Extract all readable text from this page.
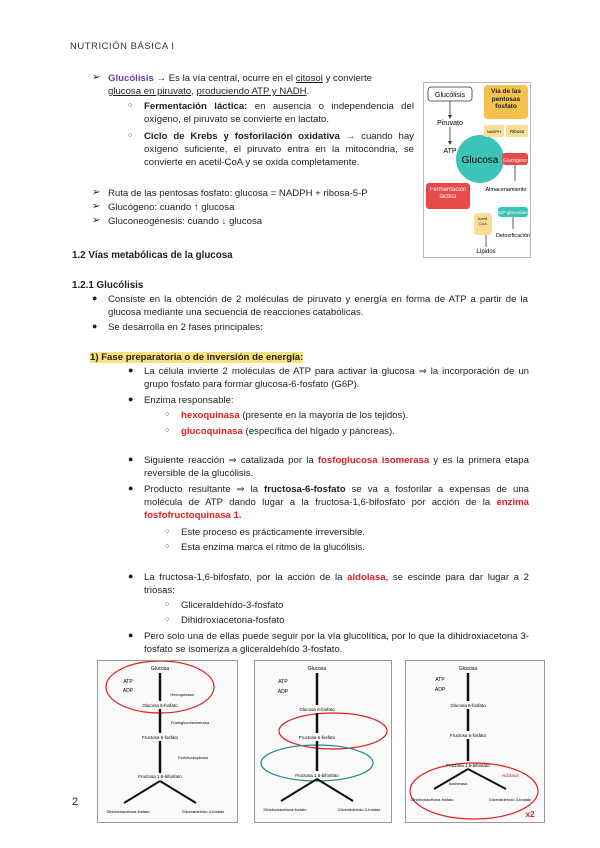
NUTRICIÓN BÁSICA I
➢ Glucólisis → Es la vía central, ocurre en el citosol y convierte
glucosa en piruvato, produciendo ATP y NADH.
○ Fermentación láctica: en ausencia o independencia del oxígeno, el piruvato se convierte en lactato.
○ Ciclo de Krebs y fosforilación oxidativa → cuando hay oxígeno suficiente, el piruvato entra en la mitocondria, se convierte en acetil-CoA y se oxida completamente.
➢ Ruta de las pentosas fosfato: glucosa = NADPH + ribosa-5-P
➢ Glucógeno: cuando ↑ glucosa
➢ Gluconeogénesis: cuando ↓ glucosa
Glucólisis
Piruvato
ATP
Glucosa
Vía de las pentosas fosfato
NADPH Ribosa
Glucógeno
Almacenamiento
Fermentación láctica
Acetil-CoA
UDP-glucurónico
Detoxificación
Lípidos
1.2 Vías metabólicas de la glucosa
1.2.1 Glucólisis
● Consiste en la obtención de 2 moléculas de piruvato y energía en forma de ATP a partir de la glucosa mediante una secuencia de reacciones catabólicas.
● Se desarrolla en 2 fases principales:
1) Fase preparatoria o de inversión de energía:
● La célula invierte 2 moléculas de ATP para activar la glucosa ⇒ la incorporación de un grupo fosfato para formar glucosa-6-fosfato (G6P).
● Enzima responsable:
○ hexoquinasa (presente en la mayoría de los tejidos).
○ glucoquinasa (específica del hígado y páncreas).
● Siguiente reacción ⇒ catalizada por la fosfoglucosa isomerasa y es la primera etapa reversible de la glucólisis.
● Producto resultante ⇒ la fructosa-6-fosfato se va a fosforilar a expensas de una molécula de ATP dando lugar a la fructosa-1,6-bifosfato por acción de la enzima fosfofructoquinasa 1.
○ Este proceso es prácticamente irreversible.
○ Esta enzima marca el ritmo de la glucólisis.
● La fructosa-1,6-bifosfato, por la acción de la aldolasa, se escinde para dar lugar a 2 triosas:
○ Gliceraldehído-3-fosfato
○ Dihidroxiacetona-fosfato
● Pero solo una de ellas puede seguir por la vía glucolítica, por lo que la dihidroxiacetona 3-fosfato se isomeriza a gliceraldehído 3-fosfato.
Glucosa
ATP
ADP
Hexoquinasa
Glucosa 6-fosfato
Fosfoglucoisomerasa
Fructosa 6-fosfato
Fosfofructoquinasa
Fructosa 1,6-bifosfato
Dihidroxiacetona fosfato	Gliceraldehído 3-fosfato
Glucosa
ATP
ADP
Glucosa 6-fosfato
Fructosa 6-fosfato
Fructosa 1,6-bifosfato
Dihidroxiacetona fosfato	Gliceraldehído 3-fosfato
Glucosa
ATP
ADP
Glucosa 6-fosfato
Fructosa 6-fosfato
Fructosa 1,6-bifosfato
Aldolasa
Isomerasa
Dihidroxiacetona fosfato	Gliceraldehído 3-fosfato
x2
2
